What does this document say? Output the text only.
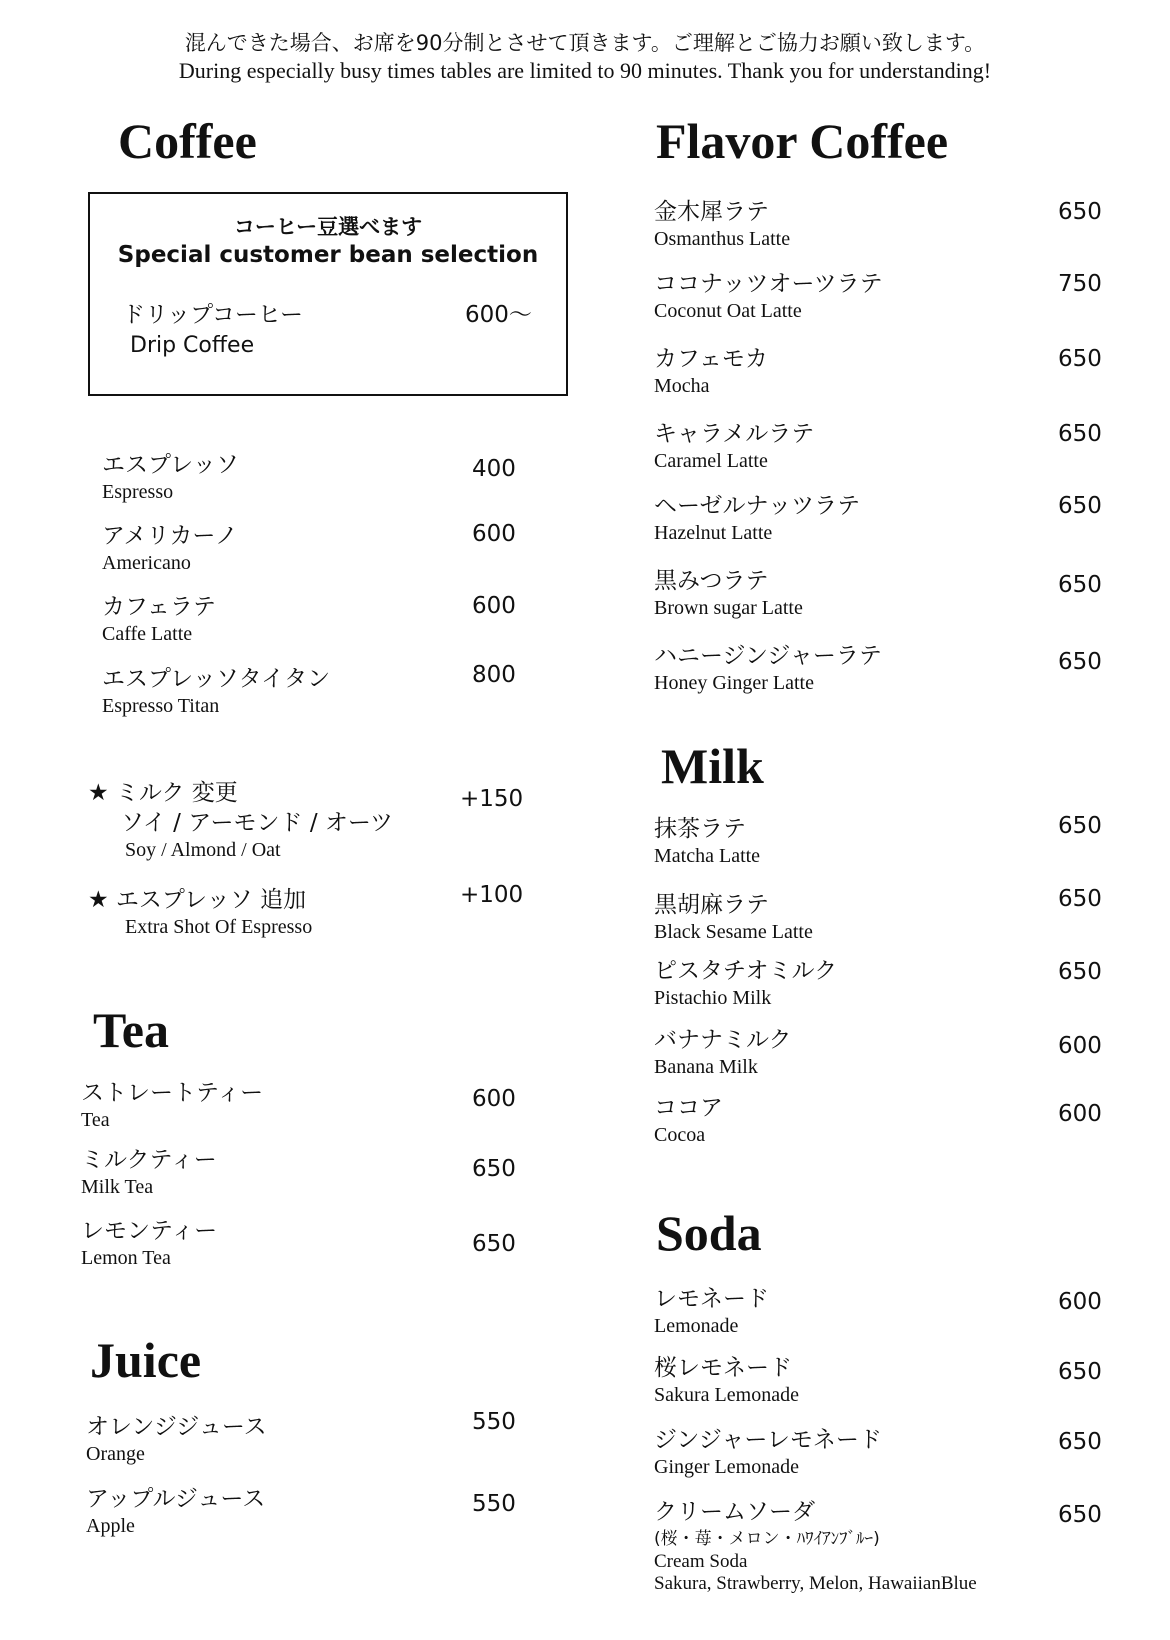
混んできた場合、お席を90分制とさせて頂きます。ご理解とご協力お願い致します。
During especially busy times tables are limited to 90 minutes. Thank you for understanding!
Coffee
コーヒー豆選べます
Special customer bean selection
ドリップコーヒー
Drip Coffee
600～
エスプレッソ
Espresso
400
アメリカーノ
Americano
600
カフェラテ
Caffe Latte
600
エスプレッソタイタン
Espresso Titan
800
★ ミルク 変更
ソイ / アーモンド / オーツ
Soy / Almond / Oat
+150
★ エスプレッソ 追加
Extra Shot Of Espresso
+100
Tea
ストレートティー
Tea
600
ミルクティー
Milk Tea
650
レモンティー
Lemon Tea
650
Juice
オレンジジュース
Orange
550
アップルジュース
Apple
550
Flavor Coffee
金木犀ラテ
Osmanthus Latte
650
ココナッツオーツラテ
Coconut Oat Latte
750
カフェモカ
Mocha
650
キャラメルラテ
Caramel Latte
650
ヘーゼルナッツラテ
Hazelnut Latte
650
黒みつラテ
Brown sugar Latte
650
ハニージンジャーラテ
Honey Ginger Latte
650
Milk
抹茶ラテ
Matcha Latte
650
黒胡麻ラテ
Black Sesame Latte
650
ピスタチオミルク
Pistachio Milk
650
バナナミルク
Banana Milk
600
ココア
Cocoa
600
Soda
レモネード
Lemonade
600
桜レモネード
Sakura Lemonade
650
ジンジャーレモネード
Ginger Lemonade
650
クリームソーダ
(桜・苺・メロン・ﾊﾜｲｱﾝﾌﾞﾙｰ)
Cream Soda
Sakura, Strawberry, Melon, HawaiianBlue
650
